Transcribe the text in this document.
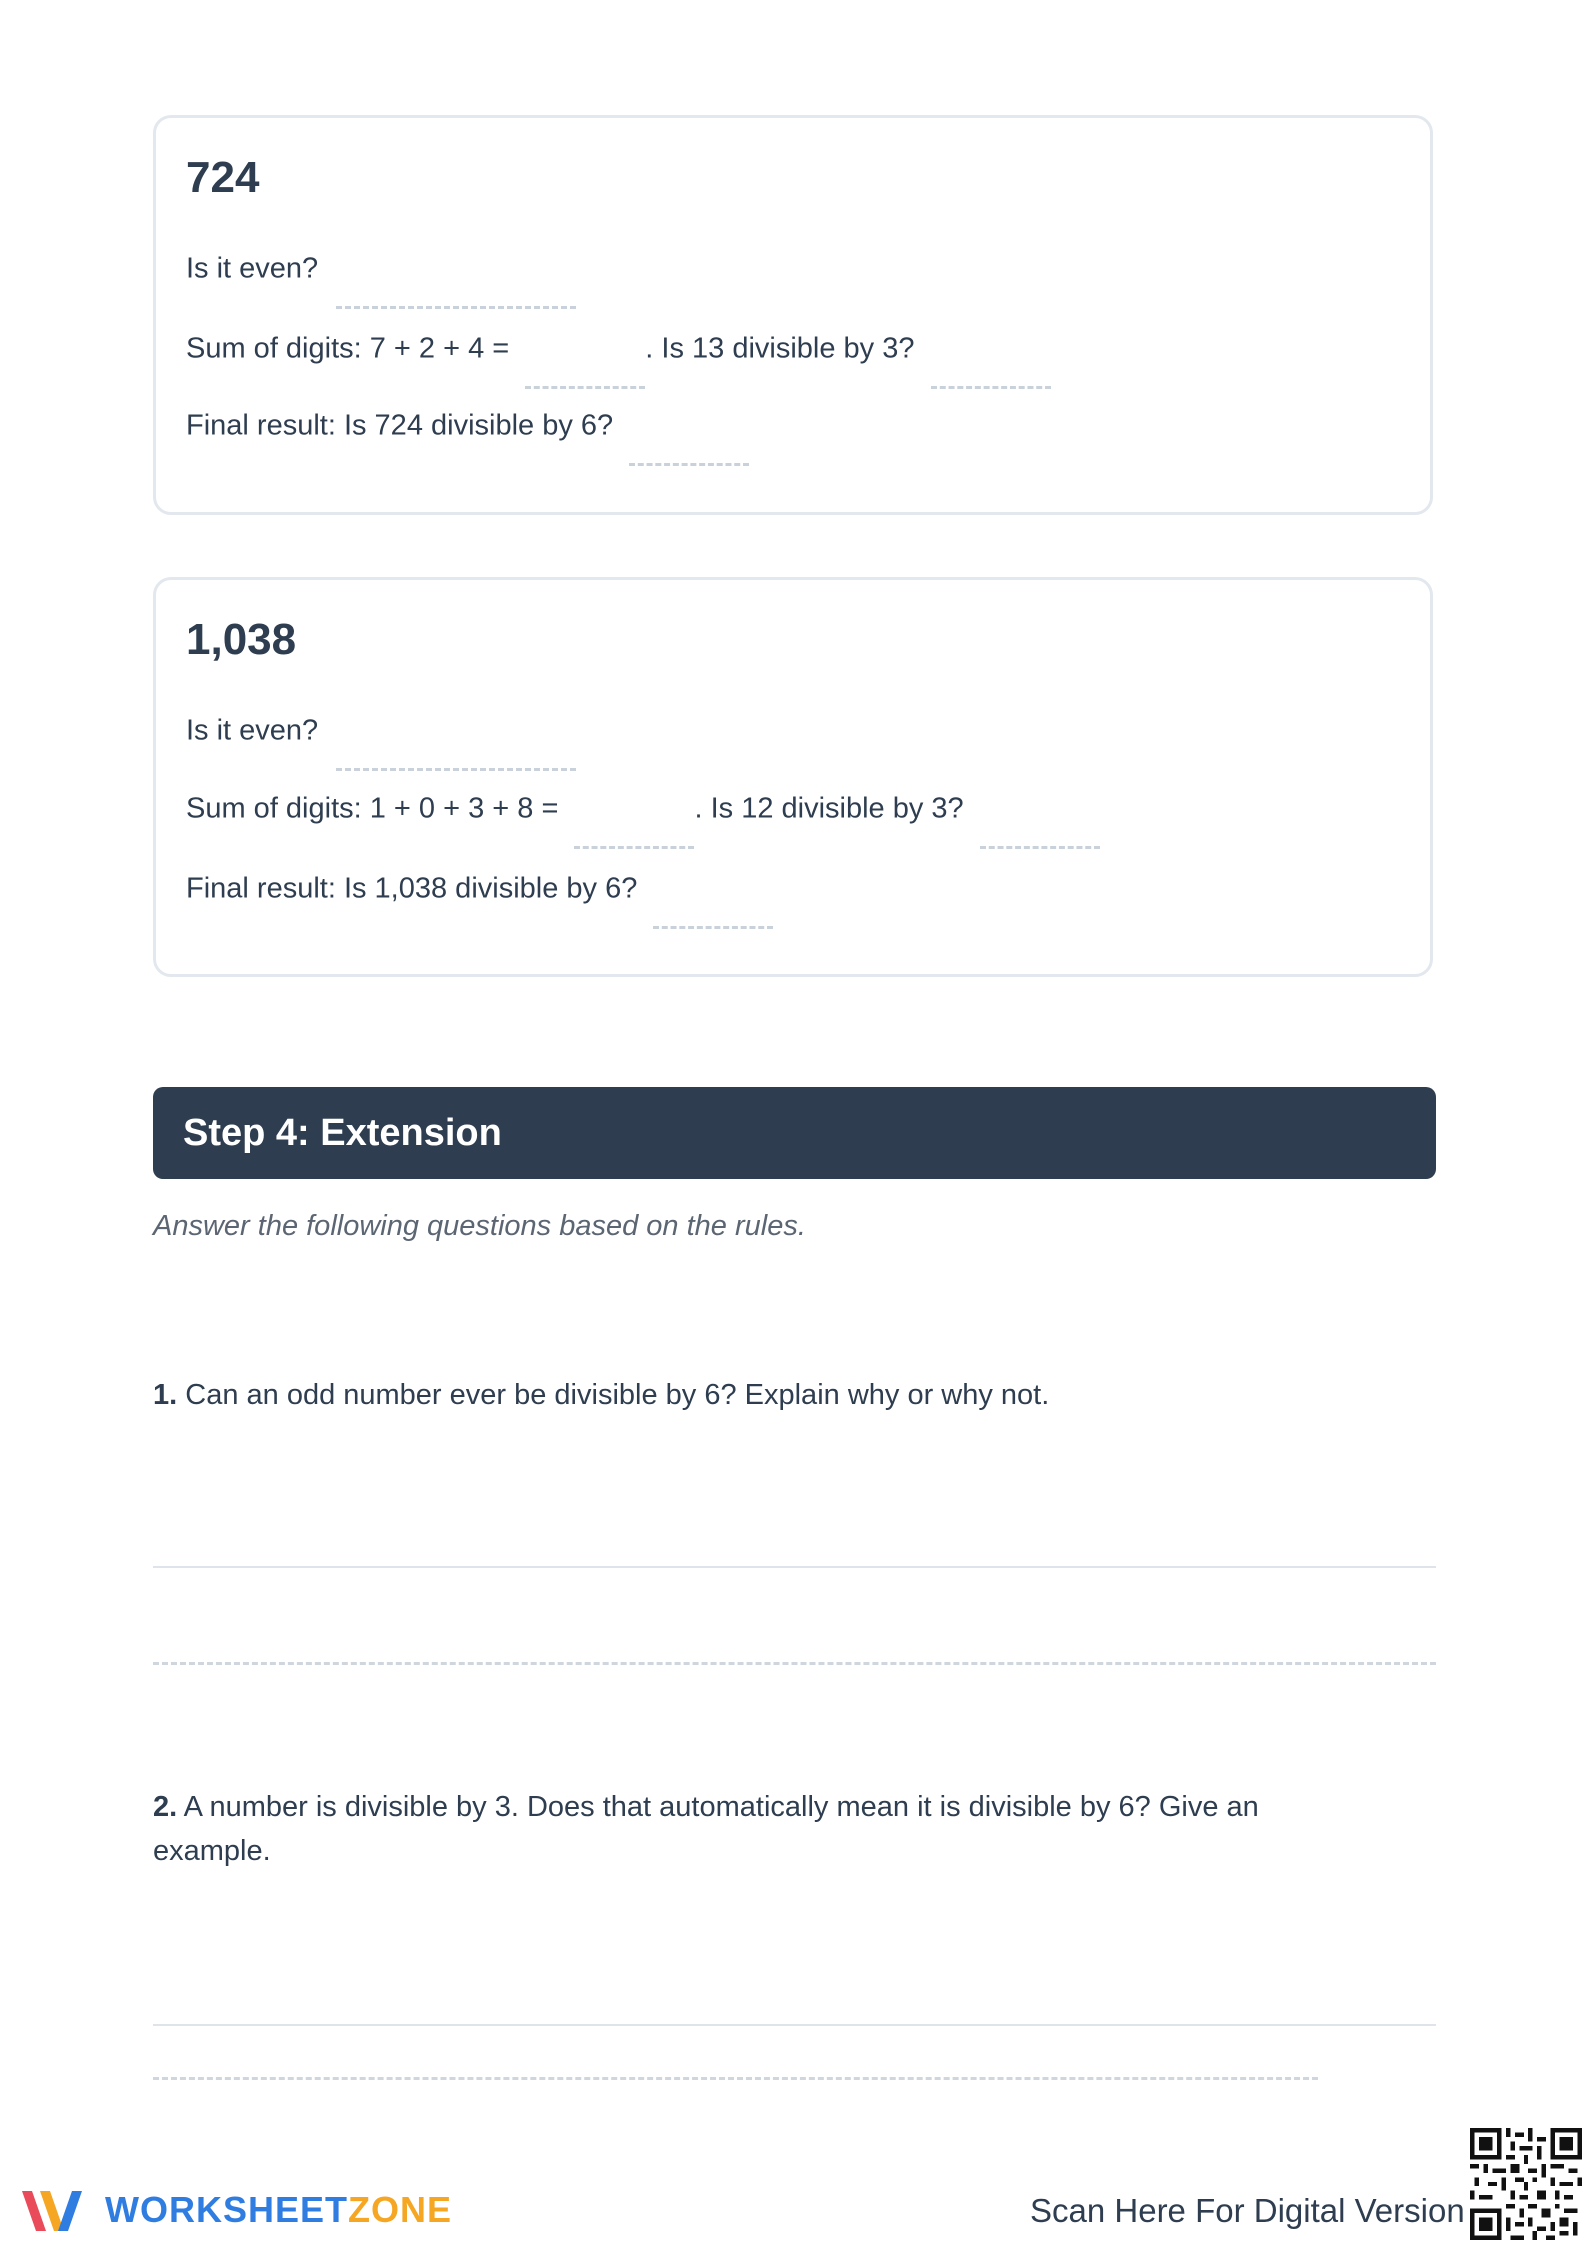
724
Is it even?
Sum of digits: 7 + 2 + 4 =	. Is 13 divisible by 3?
Final result: Is 724 divisible by 6?
1,038
Is it even?
Sum of digits: 1 + 0 + 3 + 8 =	. Is 12 divisible by 3?
Final result: Is 1,038 divisible by 6?
Step 4: Extension
Answer the following questions based on the rules.
1. Can an odd number ever be divisible by 6? Explain why or why not.
2. A number is divisible by 3. Does that automatically mean it is divisible by 6? Give an example.
WORKSHEETZONE	Scan Here For Digital Version
